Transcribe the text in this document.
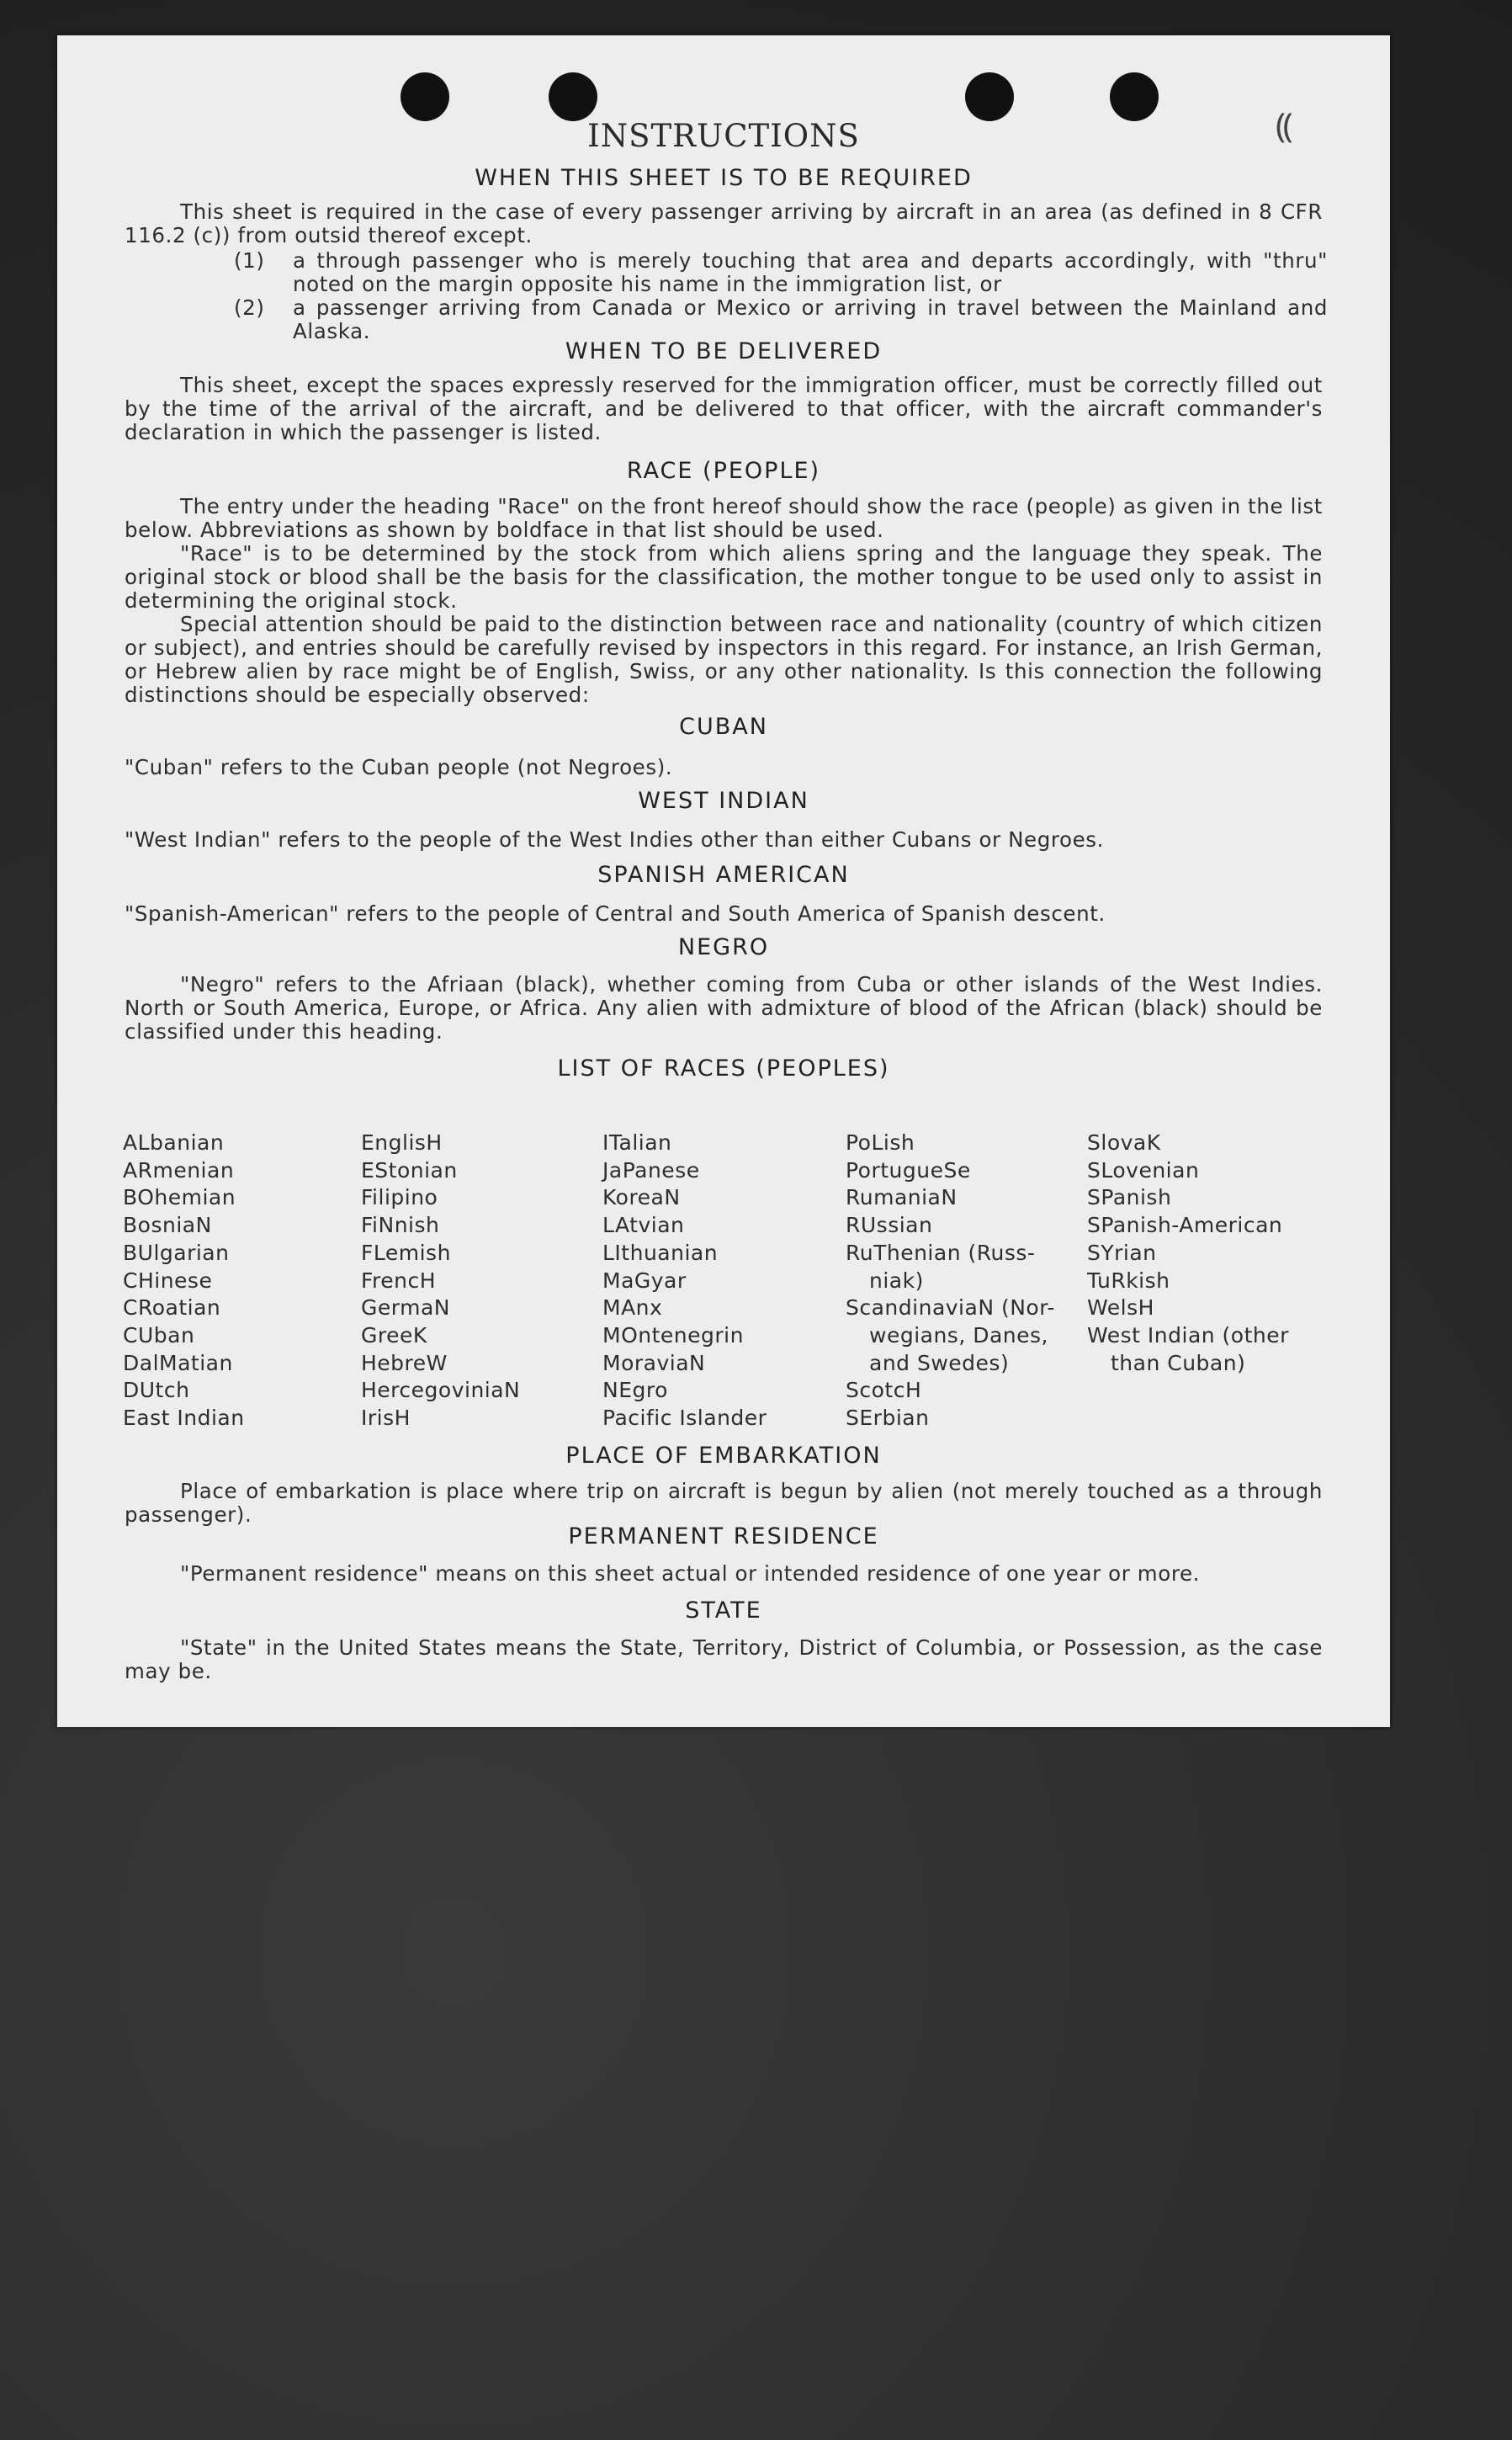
⸨
INSTRUCTIONS
WHEN THIS SHEET IS TO BE REQUIRED
This sheet is required in the case of every passenger arriving by aircraft in an area (as defined in 8 CFR 116.2 (c)) from outsid thereof except.
(1) a through passenger who is merely touching that area and departs accordingly, with "thru" noted on the margin opposite his name in the immigration list, or
(2) a passenger arriving from Canada or Mexico or arriving in travel between the Mainland and Alaska.
WHEN TO BE DELIVERED
This sheet, except the spaces expressly reserved for the immigration officer, must be correctly filled out by the time of the arrival of the aircraft, and be delivered to that officer, with the aircraft commander's declaration in which the passenger is listed.
RACE (PEOPLE)
The entry under the heading "Race" on the front hereof should show the race (people) as given in the list below. Abbreviations as shown by boldface in that list should be used.
"Race" is to be determined by the stock from which aliens spring and the language they speak. The original stock or blood shall be the basis for the classification, the mother tongue to be used only to assist in determining the original stock.
Special attention should be paid to the distinction between race and nationality (country of which citizen or subject), and entries should be carefully revised by inspectors in this regard. For instance, an Irish German, or Hebrew alien by race might be of English, Swiss, or any other nationality. Is this connection the following distinctions should be especially observed:
CUBAN
"Cuban" refers to the Cuban people (not Negroes).
WEST INDIAN
"West Indian" refers to the people of the West Indies other than either Cubans or Negroes.
SPANISH AMERICAN
"Spanish-American" refers to the people of Central and South America of Spanish descent.
NEGRO
"Negro" refers to the Afriaan (black), whether coming from Cuba or other islands of the West Indies. North or South America, Europe, or Africa. Any alien with admixture of blood of the African (black) should be classified under this heading.
LIST OF RACES (PEOPLES)
ALbanian
ARmenian
BOhemian
BosniaN
BUlgarian
CHinese
CRoatian
CUban
DalMatian
DUtch
East Indian
EnglisH
EStonian
Filipino
FiNnish
FLemish
FrencH
GermaN
GreeK
HebreW
HercegoviniaN
IrisH
ITalian
JaPanese
KoreaN
LAtvian
LIthuanian
MaGyar
MAnx
MOntenegrin
MoraviaN
NEgro
Pacific Islander
PoLish
PortugueSe
RumaniaN
RUssian
RuThenian (Russ-
niak)
ScandinaviaN (Nor-
wegians, Danes,
and Swedes)
ScotcH
SErbian
SlovaK
SLovenian
SPanish
SPanish-American
SYrian
TuRkish
WelsH
West Indian (other
than Cuban)
PLACE OF EMBARKATION
Place of embarkation is place where trip on aircraft is begun by alien (not merely touched as a through passenger).
PERMANENT RESIDENCE
"Permanent residence" means on this sheet actual or intended residence of one year or more.
STATE
"State" in the United States means the State, Territory, District of Columbia, or Possession, as the case may be.
